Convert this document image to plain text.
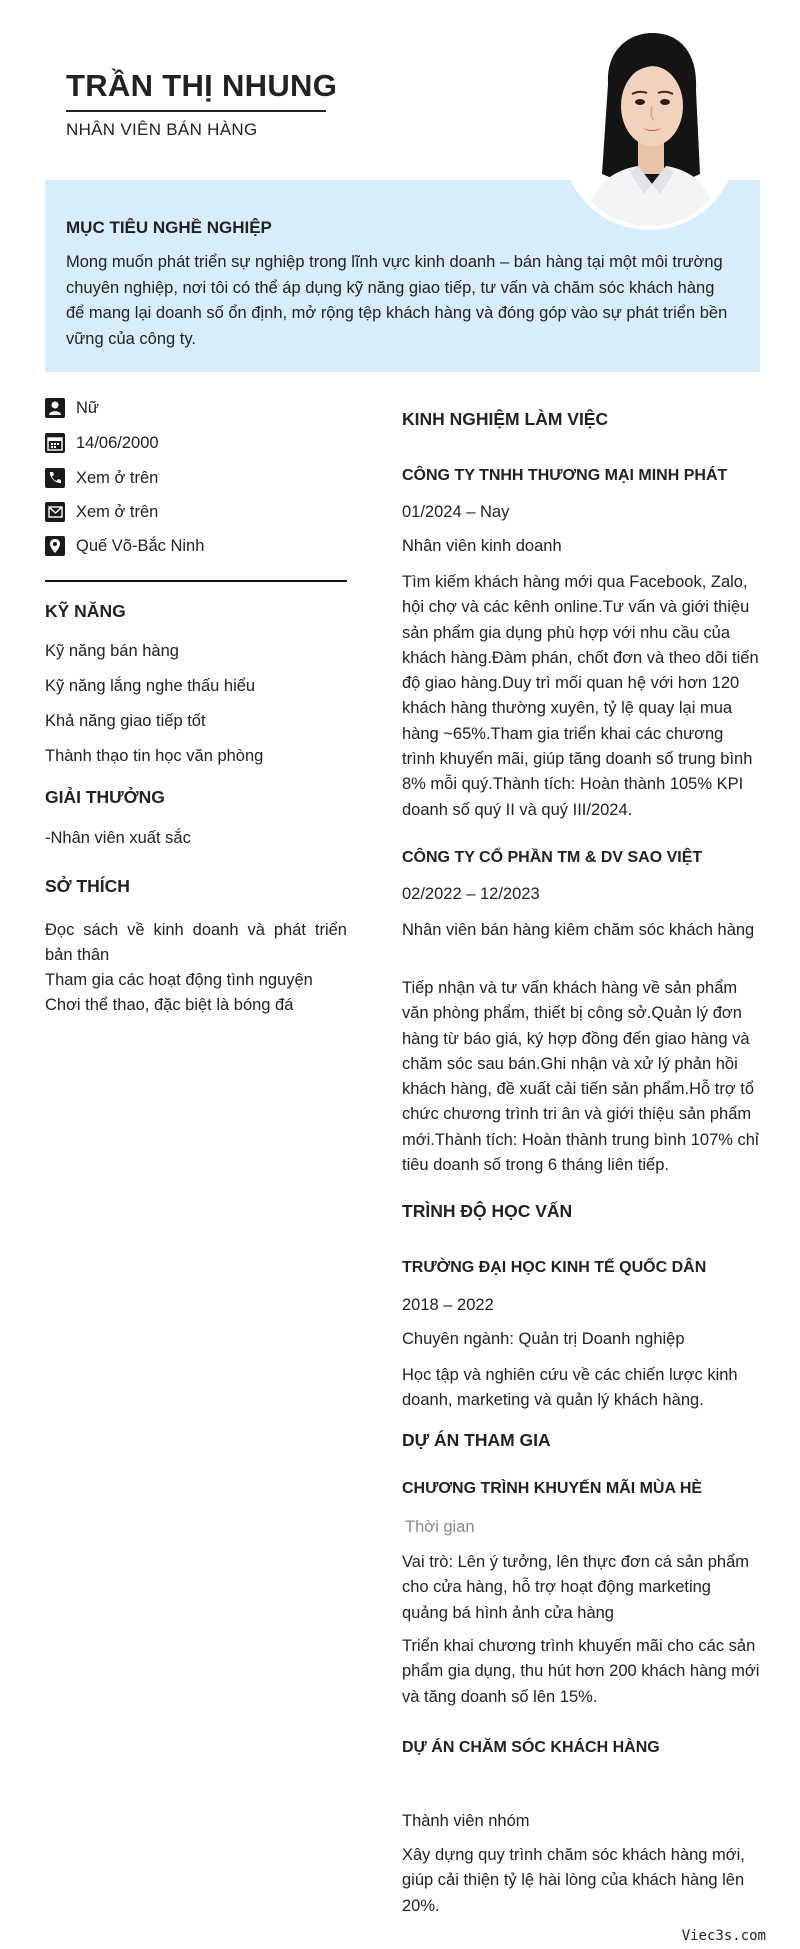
TRẦN THỊ NHUNG
NHÂN VIÊN BÁN HÀNG
MỤC TIÊU NGHỀ NGHIỆP

Mong muốn phát triển sự nghiệp trong lĩnh vực kinh doanh – bán hàng tại một môi trường chuyên nghiệp, nơi tôi có thể áp dụng kỹ năng giao tiếp, tư vấn và chăm sóc khách hàng để mang lại doanh số ổn định, mở rộng tệp khách hàng và đóng góp vào sự phát triển bền vững của công ty.

Nữ
14/06/2000
Xem ở trên
Xem ở trên
Quế Võ-Bắc Ninh
KỸ NĂNG
Kỹ năng bán hàng
Kỹ năng lắng nghe thấu hiểu
Khả năng giao tiếp tốt
Thành thạo tin học văn phòng
GIẢI THƯỞNG
-Nhân viên xuất sắc
SỞ THÍCH
Đọc sách về kinh doanh và phát triển bản thân
Tham gia các hoạt động tình nguyện
Chơi thể thao, đặc biệt là bóng đá
KINH NGHIỆM LÀM VIỆC
CÔNG TY TNHH THƯƠNG MẠI MINH PHÁT
01/2024 – Nay
Nhân viên kinh doanh
Tìm kiếm khách hàng mới qua Facebook, Zalo, hội chợ và các kênh online.Tư vấn và giới thiệu sản phẩm gia dụng phù hợp với nhu cầu của khách hàng.Đàm phán, chốt đơn và theo dõi tiến độ giao hàng.Duy trì mối quan hệ với hơn 120 khách hàng thường xuyên, tỷ lệ quay lại mua hàng ~65%.Tham gia triển khai các chương trình khuyến mãi, giúp tăng doanh số trung bình 8% mỗi quý.Thành tích: Hoàn thành 105% KPI doanh số quý II và quý III/2024.
CÔNG TY CỔ PHẦN TM & DV SAO VIỆT
02/2022 – 12/2023
Nhân viên bán hàng kiêm chăm sóc khách hàng
Tiếp nhận và tư vấn khách hàng về sản phẩm văn phòng phẩm, thiết bị công sở.Quản lý đơn hàng từ báo giá, ký hợp đồng đến giao hàng và chăm sóc sau bán.Ghi nhận và xử lý phản hồi khách hàng, đề xuất cải tiến sản phẩm.Hỗ trợ tổ chức chương trình tri ân và giới thiệu sản phẩm mới.Thành tích: Hoàn thành trung bình 107% chỉ tiêu doanh số trong 6 tháng liên tiếp.
TRÌNH ĐỘ HỌC VẤN
TRƯỜNG ĐẠI HỌC KINH TẾ QUỐC DÂN
2018 – 2022
Chuyên ngành: Quản trị Doanh nghiệp
Học tập và nghiên cứu về các chiến lược kinh doanh, marketing và quản lý khách hàng.
DỰ ÁN THAM GIA
CHƯƠNG TRÌNH KHUYẾN MÃI MÙA HÈ
Thời gian
Vai trò: Lên ý tưởng, lên thực đơn cá sản phẩm cho cửa hàng, hỗ trợ hoạt động marketing quảng bá hình ảnh cửa hàng
Triển khai chương trình khuyến mãi cho các sản phẩm gia dụng, thu hút hơn 200 khách hàng mới và tăng doanh số lên 15%.
DỰ ÁN CHĂM SÓC KHÁCH HÀNG
Thành viên nhóm
Xây dựng quy trình chăm sóc khách hàng mới, giúp cải thiện tỷ lệ hài lòng của khách hàng lên 20%.
Viec3s.com
